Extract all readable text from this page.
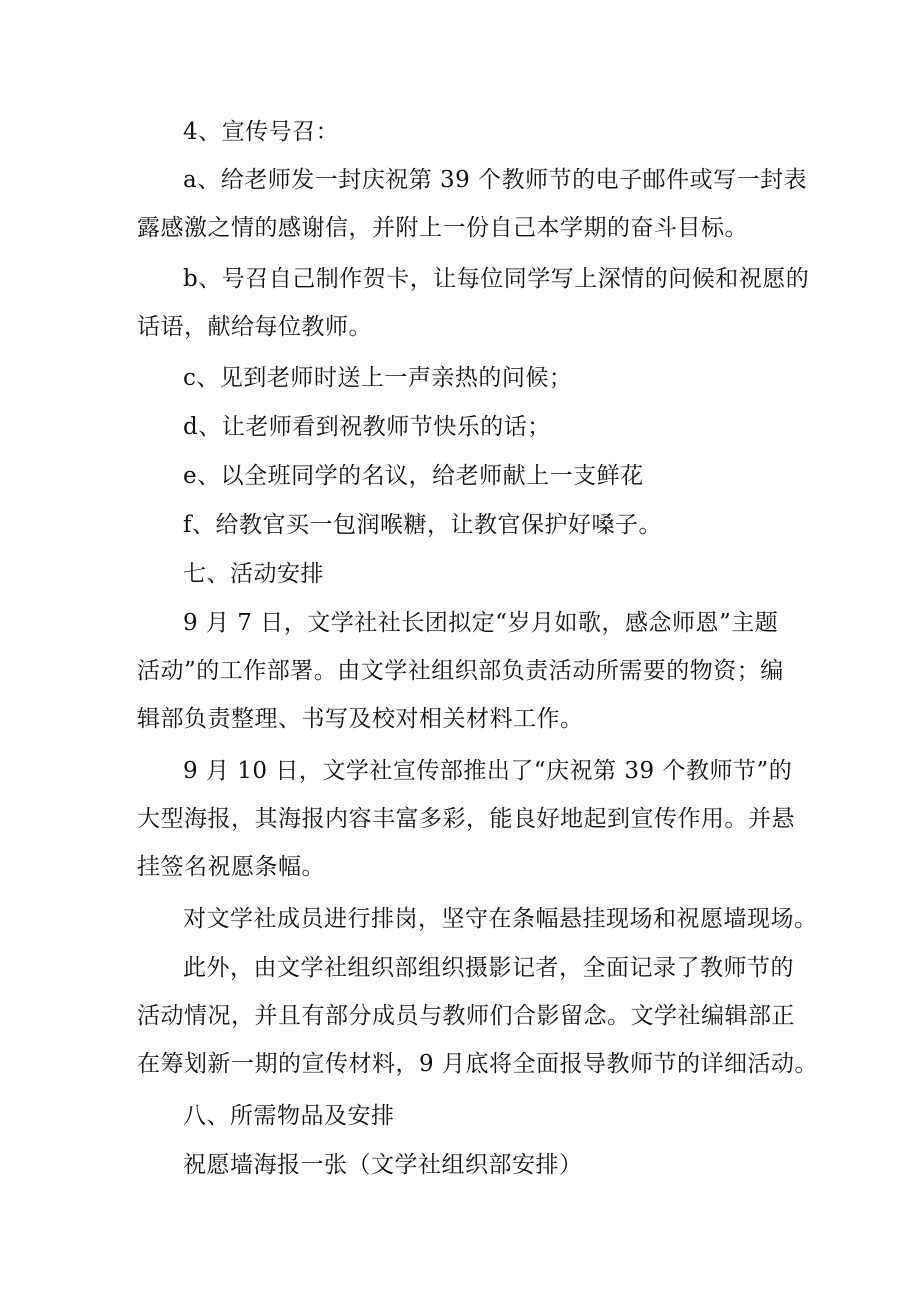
4、宣传号召：
a、给老师发一封庆祝第 39 个教师节的电子邮件或写一封表
露感激之情的感谢信，并附上一份自己本学期的奋斗目标。
b、号召自己制作贺卡，让每位同学写上深情的问候和祝愿的
话语，献给每位教师。
c、见到老师时送上一声亲热的问候；
d、让老师看到祝教师节快乐的话；
e、以全班同学的名议，给老师献上一支鲜花
f、给教官买一包润喉糖，让教官保护好嗓子。
七、活动安排
9 月 7 日，文学社社长团拟定“岁月如歌，感念师恩”主题
活动”的工作部署。由文学社组织部负责活动所需要的物资；编
辑部负责整理、书写及校对相关材料工作。
9 月 10 日，文学社宣传部推出了“庆祝第 39 个教师节”的
大型海报，其海报内容丰富多彩，能良好地起到宣传作用。并悬
挂签名祝愿条幅。
对文学社成员进行排岗，坚守在条幅悬挂现场和祝愿墙现场。
此外，由文学社组织部组织摄影记者，全面记录了教师节的
活动情况，并且有部分成员与教师们合影留念。文学社编辑部正
在筹划新一期的宣传材料，9 月底将全面报导教师节的详细活动。
八、所需物品及安排
祝愿墙海报一张（文学社组织部安排）
